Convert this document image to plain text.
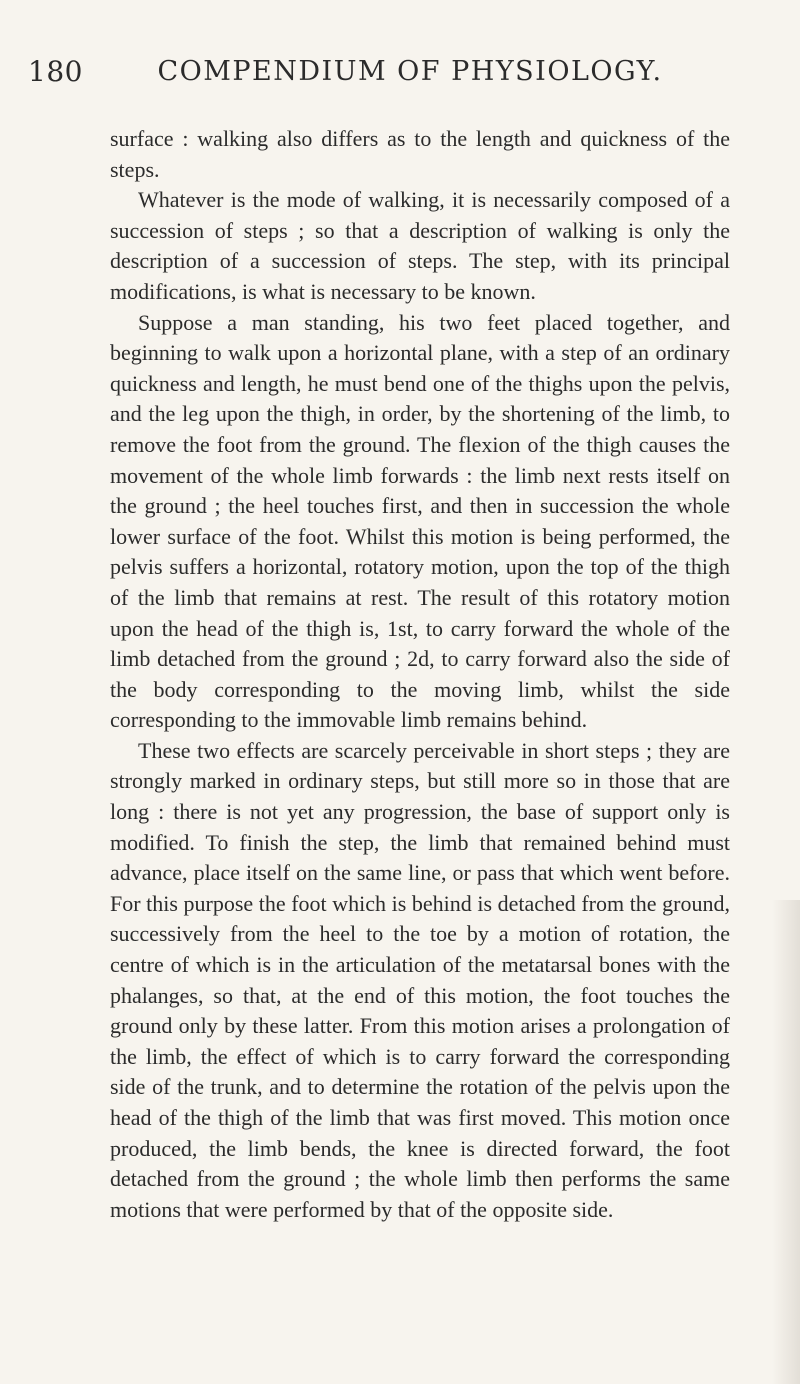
180	COMPENDIUM OF PHYSIOLOGY.

surface : walking also differs as to the length and quickness of the steps.

Whatever is the mode of walking, it is necessarily composed of a succession of steps ; so that a description of walking is only the description of a succession of steps. The step, with its principal modifications, is what is necessary to be known.

Suppose a man standing, his two feet placed together, and beginning to walk upon a horizontal plane, with a step of an ordinary quickness and length, he must bend one of the thighs upon the pelvis, and the leg upon the thigh, in order, by the shortening of the limb, to remove the foot from the ground. The flexion of the thigh causes the movement of the whole limb forwards : the limb next rests itself on the ground ; the heel touches first, and then in succession the whole lower surface of the foot. Whilst this motion is being performed, the pelvis suffers a horizontal, rotatory motion, upon the top of the thigh of the limb that remains at rest. The result of this rotatory motion upon the head of the thigh is, 1st, to carry forward the whole of the limb detached from the ground ; 2d, to carry forward also the side of the body corresponding to the moving limb, whilst the side corresponding to the immovable limb remains behind.

These two effects are scarcely perceivable in short steps ; they are strongly marked in ordinary steps, but still more so in those that are long : there is not yet any progression, the base of support only is modified. To finish the step, the limb that remained behind must advance, place itself on the same line, or pass that which went before. For this purpose the foot which is behind is detached from the ground, successively from the heel to the toe by a motion of rotation, the centre of which is in the articulation of the metatarsal bones with the phalanges, so that, at the end of this motion, the foot touches the ground only by these latter. From this motion arises a prolongation of the limb, the effect of which is to carry forward the corresponding side of the trunk, and to determine the rotation of the pelvis upon the head of the thigh of the limb that was first moved. This motion once produced, the limb bends, the knee is directed forward, the foot detached from the ground ; the whole limb then performs the same motions that were performed by that of the opposite side.
